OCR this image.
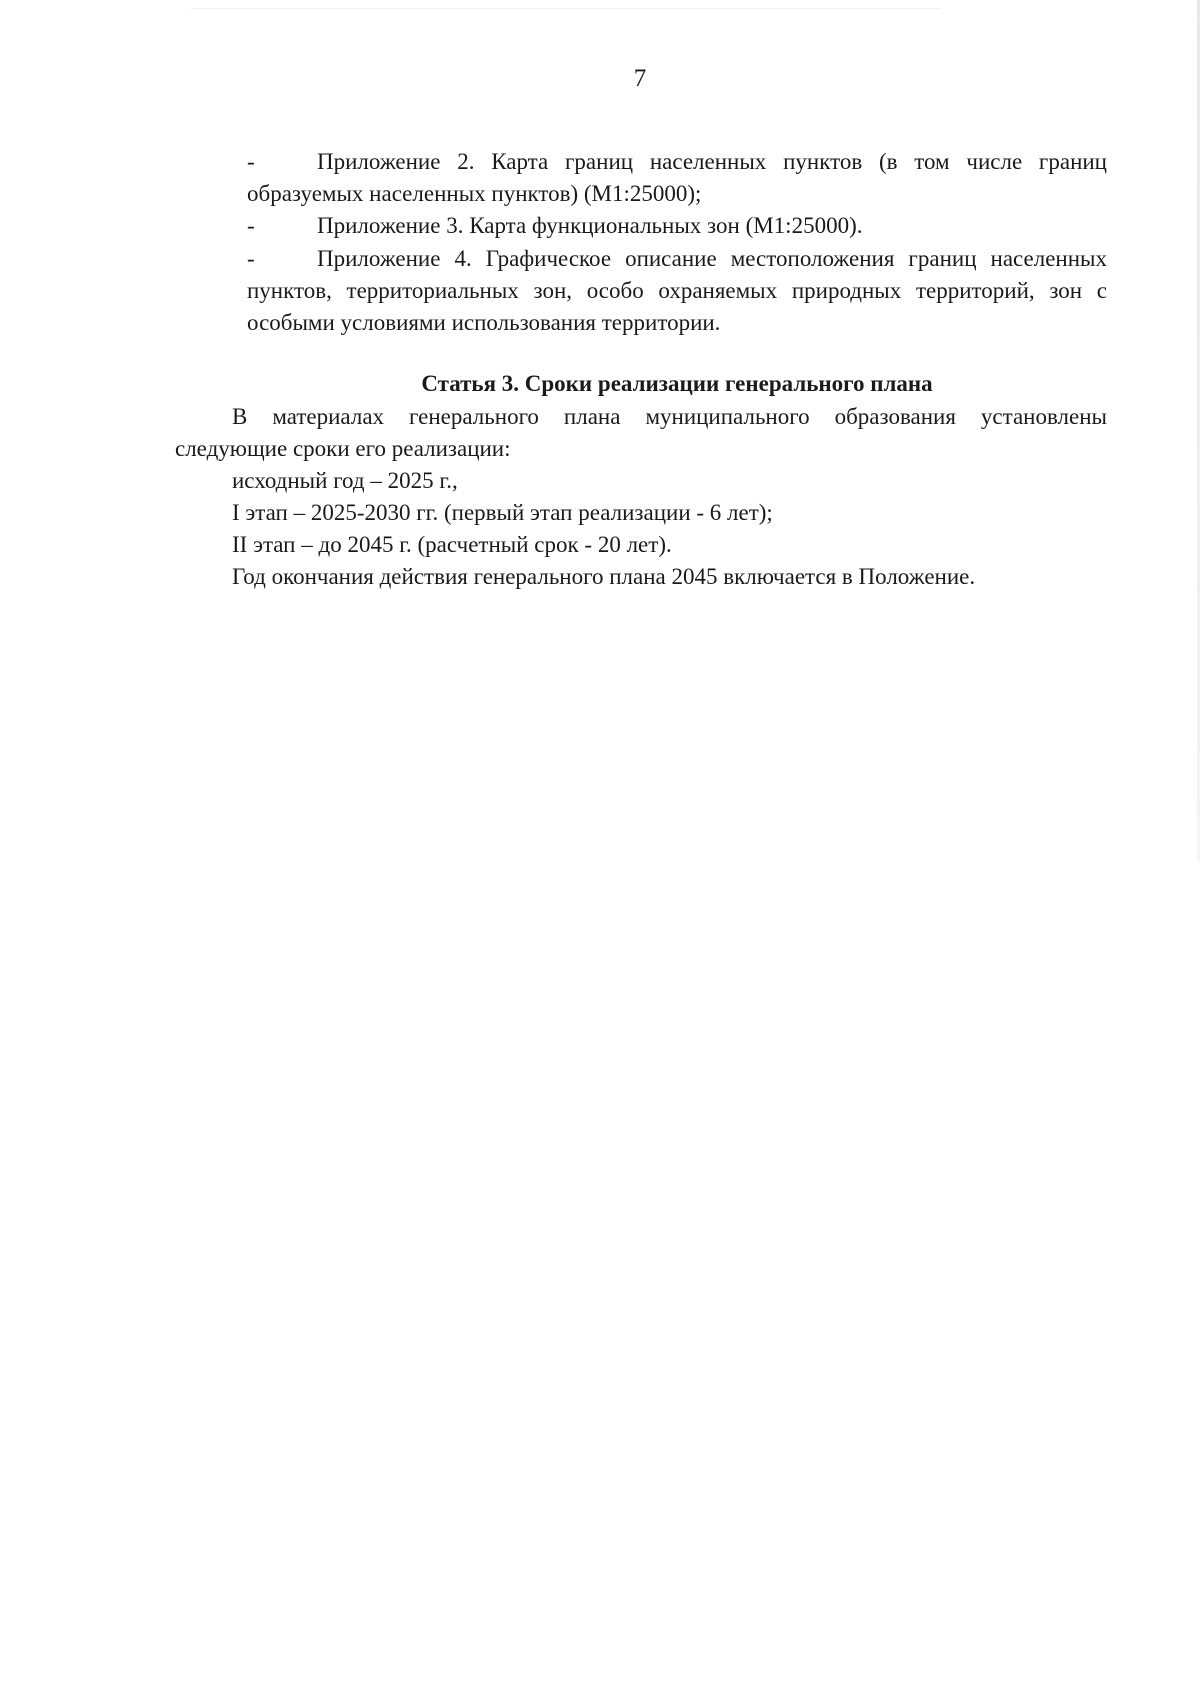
7
-	Приложение 2. Карта границ населенных пунктов (в том числе границ
образуемых населенных пунктов) (М1:25000);
-	Приложение 3. Карта функциональных зон (М1:25000).
-	Приложение 4. Графическое описание местоположения границ населенных
пунктов, территориальных зон, особо охраняемых природных территорий, зон с
особыми условиями использования территории.
Статья 3. Сроки реализации генерального плана
В материалах генерального плана муниципального образования установлены следующие сроки его реализации:
исходный год – 2025 г.,
I этап – 2025-2030 гг. (первый этап реализации - 6 лет);
II этап – до 2045 г. (расчетный срок - 20 лет).
Год окончания действия генерального плана 2045 включается в Положение.
